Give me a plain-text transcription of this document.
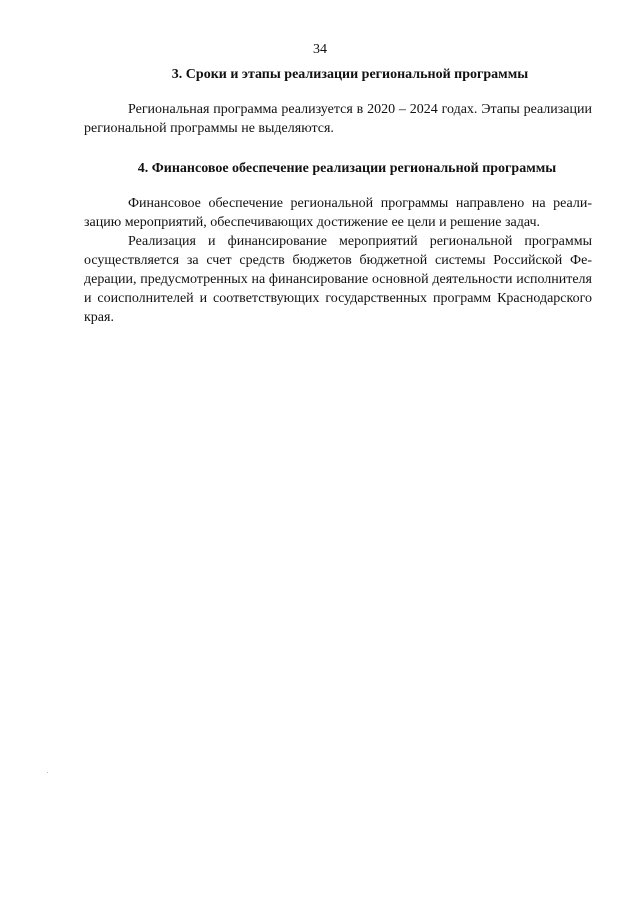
34
3. Сроки и этапы реализации региональной программы

Региональная программа реализуется в 2020 – 2024 годах. Этапы реализации региональной программы не выделяются.

4. Финансовое обеспечение реализации региональной программы

Финансовое обеспечение региональной программы направлено на реализацию мероприятий, обеспечивающих достижение ее цели и решение задач.

Реализация и финансирование мероприятий региональной программы осуществляется за счет средств бюджетов бюджетной системы Российской Федерации, предусмотренных на финансирование основной деятельности исполнителя и соисполнителей и соответствующих государственных программ Краснодарского края.
